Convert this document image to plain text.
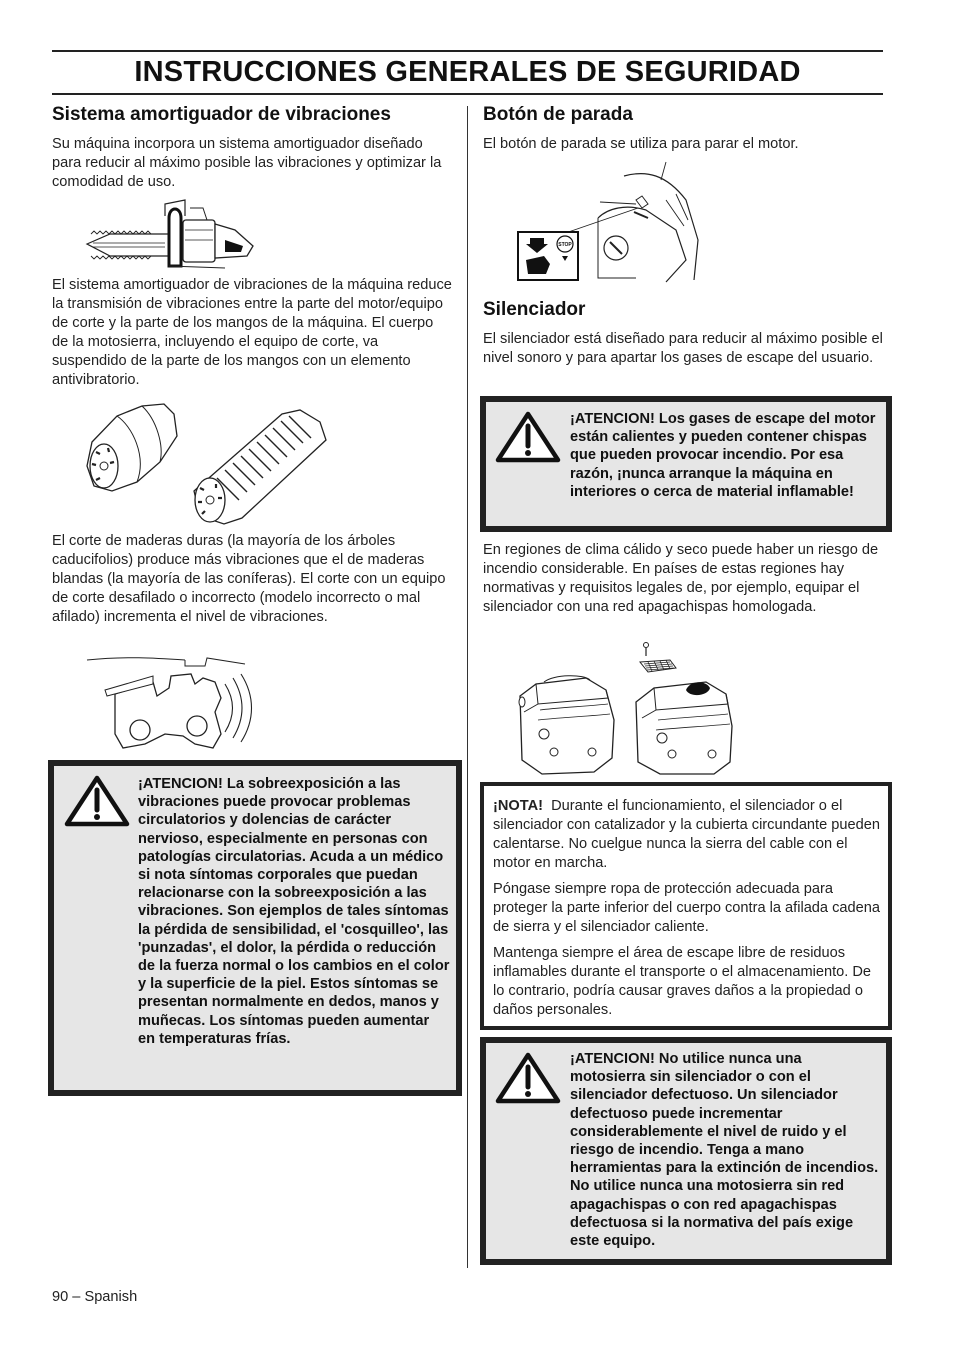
INSTRUCCIONES GENERALES DE SEGURIDAD
Sistema amortiguador de vibraciones

Su máquina incorpora un sistema amortiguador diseñado para reducir al máximo posible las vibraciones y optimizar la comodidad de uso.

El sistema amortiguador de vibraciones de la máquina reduce la transmisión de vibraciones entre la parte del motor/equipo de corte y la parte de los mangos de la máquina. El cuerpo de la motosierra, incluyendo el equipo de corte, va suspendido de la parte de los mangos con un elemento antivibratorio.

El corte de maderas duras (la mayoría de los árboles caducifolios) produce más vibraciones que el de maderas blandas (la mayoría de las coníferas). El corte con un equipo de corte desafilado o incorrecto (modelo incorrecto o mal afilado) incrementa el nivel de vibraciones.

¡ATENCION! La sobreexposición a las vibraciones puede provocar problemas circulatorios y dolencias de carácter nervioso, especialmente en personas con patologías circulatorias. Acuda a un médico si nota síntomas corporales que puedan relacionarse con la sobreexposición a las vibraciones. Son ejemplos de tales síntomas la pérdida de sensibilidad, el 'cosquilleo', las 'punzadas', el dolor, la pérdida o reducción de la fuerza normal o los cambios en el color y la superficie de la piel. Estos síntomas se presentan normalmente en dedos, manos y muñecas. Los síntomas pueden aumentar en temperaturas frías.

Botón de parada

El botón de parada se utiliza para parar el motor.

STOP
Silenciador

El silenciador está diseñado para reducir al máximo posible el nivel sonoro y para apartar los gases de escape del usuario.

¡ATENCION! Los gases de escape del motor están calientes y pueden contener chispas que pueden provocar incendio. Por esa razón, ¡nunca arranque la máquina en interiores o cerca de material inflamable!

En regiones de clima cálido y seco puede haber un riesgo de incendio considerable. En países de estas regiones hay normativas y requisitos legales de, por ejemplo, equipar el silenciador con una red apagachispas homologada.

¡NOTA! Durante el funcionamiento, el silenciador o el silenciador con catalizador y la cubierta circundante pueden calentarse. No cuelgue nunca la sierra del cable con el motor en marcha.

Póngase siempre ropa de protección adecuada para proteger la parte inferior del cuerpo contra la afilada cadena de sierra y el silenciador caliente.

Mantenga siempre el área de escape libre de residuos inflamables durante el transporte o el almacenamiento. De lo contrario, podría causar graves daños a la propiedad o daños personales.

¡ATENCION! No utilice nunca una motosierra sin silenciador o con el silenciador defectuoso. Un silenciador defectuoso puede incrementar considerablemente el nivel de ruido y el riesgo de incendio. Tenga a mano herramientas para la extinción de incendios. No utilice nunca una motosierra sin red apagachispas o con red apagachispas defectuosa si la normativa del país exige este equipo.

90 – Spanish
